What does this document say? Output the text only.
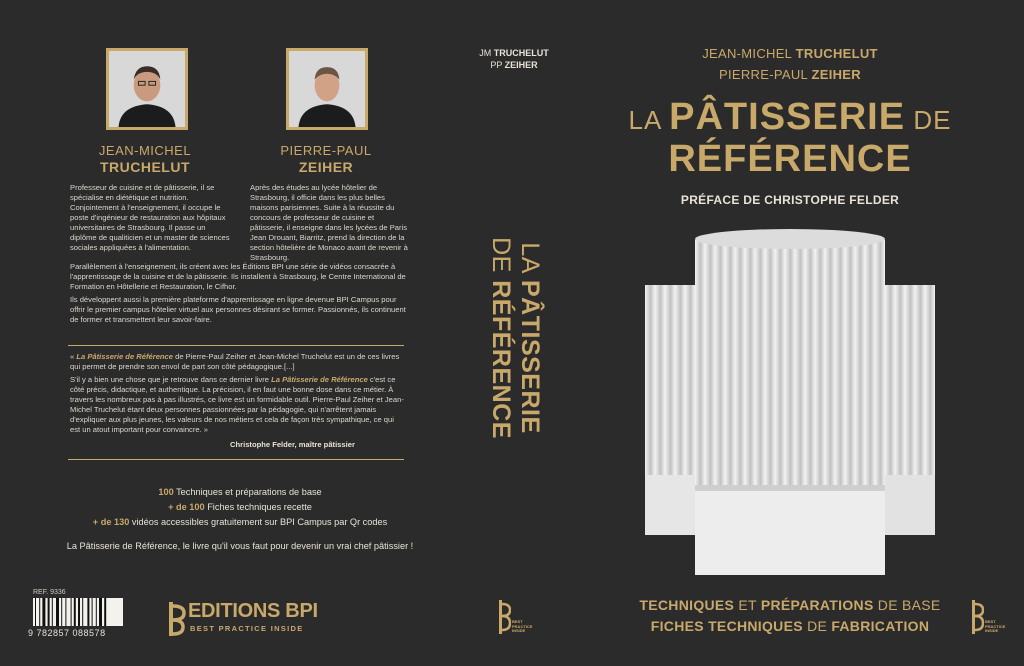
JEAN-MICHEL
TRUCHELUT
PIERRE-PAUL
ZEIHER
Professeur de cuisine et de pâtisserie, il se spécialise en diététique et nutrition. Conjointement à l'enseignement, il occupe le poste d'ingénieur de restauration aux hôpitaux universitaires de Strasbourg. Il passe un diplôme de qualiticien et un master de sciences sociales appliquées à l'alimentation.
Après des études au lycée hôtelier de Strasbourg, il officie dans les plus belles maisons parisiennes. Suite à la réussite du concours de professeur de cuisine et pâtisserie, il enseigne dans les lycées de Paris Jean Drouant, Biarritz, prend la direction de la section hôtelière de Monaco avant de revenir à Strasbourg.
Parallèlement à l'enseignement, ils créent avec les Éditions BPI une série de vidéos consacrée à l'apprentissage de la cuisine et de la pâtisserie. Ils installent à Strasbourg, le Centre International de Formation en Hôtellerie et Restauration, le Cifhor.
Ils développent aussi la première plateforme d'apprentissage en ligne devenue BPI Campus pour offrir le premier campus hôtelier virtuel aux personnes désirant se former. Passionnés, ils continuent de former et transmettent leur savoir-faire.

« La Pâtisserie de Référence de Pierre-Paul Zeiher et Jean-Michel Truchelut est un de ces livres qui permet de prendre son envol de part son côté pédagogique.[...]

S'il y a bien une chose que je retrouve dans ce dernier livre La Pâtisserie de Référence c'est ce côté précis, didactique, et authentique. La précision, il en faut une bonne dose dans ce métier. À travers les nombreux pas à pas illustrés, ce livre est un formidable outil. Pierre-Paul Zeiher et Jean-Michel Truchelut étant deux personnes passionnées par la pédagogie, qui n'arrêtent jamais d'expliquer aux plus jeunes, les valeurs de nos métiers et cela de façon très sympathique, ce qui est un atout important pour convaincre. »

Christophe Felder, maître pâtissier
100 Techniques et préparations de base
+ de 100 Fiches techniques recette
+ de 130 vidéos accessibles gratuitement sur BPI Campus par Qr codes
La Pâtisserie de Référence, le livre qu'il vous faut pour devenir un vrai chef pâtissier !
REF. 9336
9 782857 088578
EDITIONS BPI
BEST PRACTICE INSIDE
JM TRUCHELUT
PP ZEIHER
LA PÂTISSERIE
DE RÉFÉRENCE
BEST PRACTICE INSIDE
JEAN-MICHEL TRUCHELUT
PIERRE-PAUL ZEIHER
LA PÂTISSERIE DE
RÉFÉRENCE
PRÉFACE DE CHRISTOPHE FELDER
TECHNIQUES ET PRÉPARATIONS DE BASE
FICHES TECHNIQUES DE FABRICATION	BEST PRACTICE INSIDE
